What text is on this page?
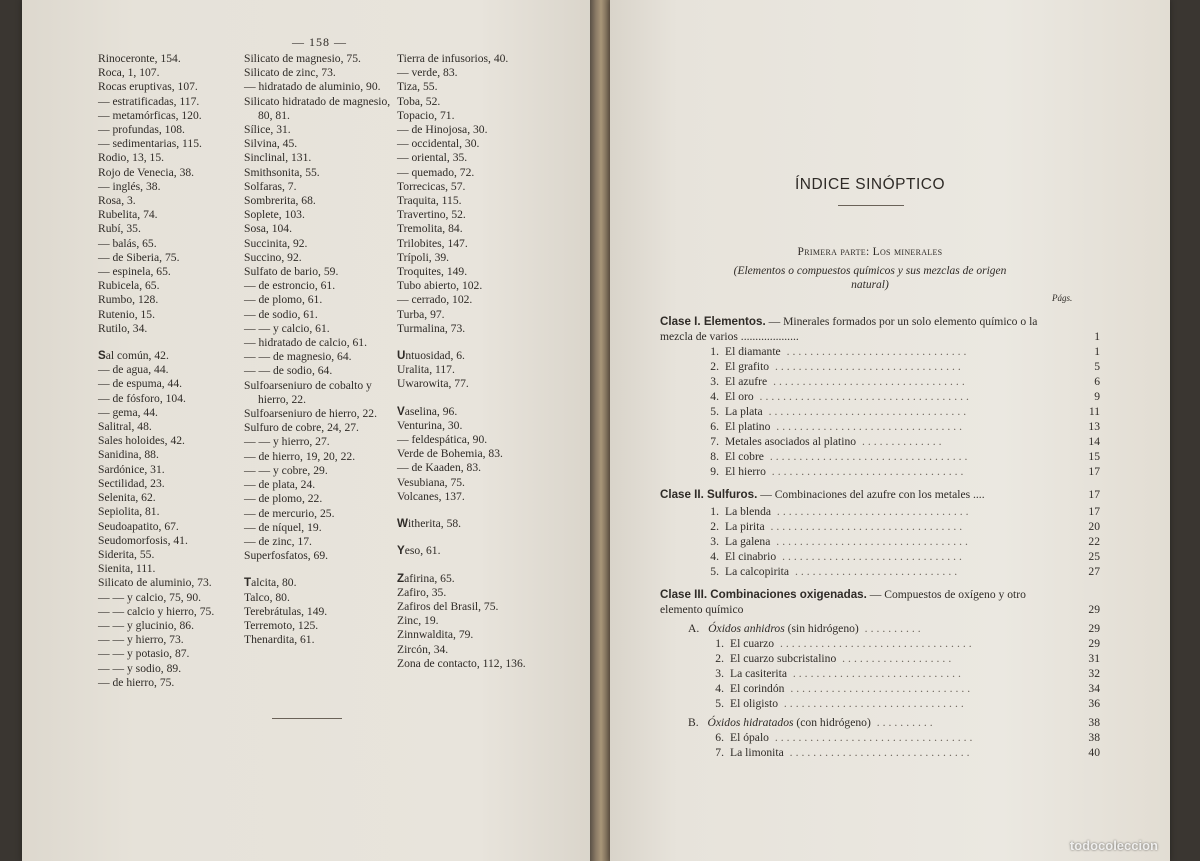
— 158 —
Rinoceronte, 154.
Roca, 1, 107.
Rocas eruptivas, 107.
— estratificadas, 117.
— metamórficas, 120.
— profundas, 108.
— sedimentarias, 115.
Rodio, 13, 15.
Rojo de Venecia, 38.
— inglés, 38.
Rosa, 3.
Rubelita, 74.
Rubí, 35.
— balás, 65.
— de Siberia, 75.
— espinela, 65.
Rubicela, 65.
Rumbo, 128.
Rutenio, 15.
Rutilo, 34.
Sal común, 42.
— de agua, 44.
— de espuma, 44.
— de fósforo, 104.
— gema, 44.
Salitral, 48.
Sales holoides, 42.
Sanidina, 88.
Sardónice, 31.
Sectilidad, 23.
Selenita, 62.
Sepiolita, 81.
Seudoapatito, 67.
Seudomorfosis, 41.
Siderita, 55.
Sienita, 111.
Silicato de aluminio, 73.
— — y calcio, 75, 90.
— — calcio y hierro, 75.
— — y glucinio, 86.
— — y hierro, 73.
— — y potasio, 87.
— — y sodio, 89.
— de hierro, 75.
Silicato de magnesio, 75.
Silicato de zinc, 73.
— hidratado de aluminio, 90.
Silicato hidratado de magnesio, 80, 81.
Sílice, 31.
Silvina, 45.
Sinclinal, 131.
Smithsonita, 55.
Solfaras, 7.
Sombrerita, 68.
Soplete, 103.
Sosa, 104.
Succinita, 92.
Succino, 92.
Sulfato de bario, 59.
— de estroncio, 61.
— de plomo, 61.
— de sodio, 61.
— — y calcio, 61.
— hidratado de calcio, 61.
— — de magnesio, 64.
— — de sodio, 64.
Sulfoarseniuro de cobalto y hierro, 22.
Sulfoarseniuro de hierro, 22.
Sulfuro de cobre, 24, 27.
— — y hierro, 27.
— de hierro, 19, 20, 22.
— — y cobre, 29.
— de plata, 24.
— de plomo, 22.
— de mercurio, 25.
— de níquel, 19.
— de zinc, 17.
Superfosfatos, 69.
Talcita, 80.
Talco, 80.
Terebrátulas, 149.
Terremoto, 125.
Thenardita, 61.
Tierra de infusorios, 40.
— verde, 83.
Tiza, 55.
Toba, 52.
Topacio, 71.
— de Hinojosa, 30.
— occidental, 30.
— oriental, 35.
— quemado, 72.
Torrecicas, 57.
Traquita, 115.
Travertino, 52.
Tremolita, 84.
Trilobites, 147.
Trípoli, 39.
Troquites, 149.
Tubo abierto, 102.
— cerrado, 102.
Turba, 97.
Turmalina, 73.
Untuosidad, 6.
Uralita, 117.
Uwarowita, 77.
Vaselina, 96.
Venturina, 30.
— feldespática, 90.
Verde de Bohemia, 83.
— de Kaaden, 83.
Vesubiana, 75.
Volcanes, 137.
Witherita, 58.
Yeso, 61.
Zafirina, 65.
Zafiro, 35.
Zafiros del Brasil, 75.
Zinc, 19.
Zinnwaldita, 79.
Zircón, 34.
Zona de contacto, 112, 136.
ÍNDICE SINÓPTICO
Primera parte: Los minerales
(Elementos o compuestos químicos y sus mezclas de origen natural)
Págs.
Clase I. Elementos. — Minerales formados por un solo elemento químico o la mezcla de varios ....................	1
1.El diamante ...............................	1
2.El grafito ................................	5
3.El azufre .................................	6
4.El oro ....................................	9
5.La plata ..................................	11
6.El platino ................................	13
7.Metales asociados al platino ..............	14
8.El cobre ..................................	15
9.El hierro .................................	17
Clase II. Sulfuros. — Combinaciones del azufre con los metales ....	17
1.La blenda .................................	17
2.La pirita .................................	20
3.La galena .................................	22
4.El cinabrio ...............................	25
5.La calcopirita ............................	27
Clase III. Combinaciones oxigenadas. — Compuestos de oxígeno y otro elemento químico	29
A. Óxidos anhidros (sin hidrógeno) ..........	29
1.El cuarzo .................................	29
2.El cuarzo subcristalino ...................	31
3.La casiterita .............................	32
4.El corindón ...............................	34
5.El oligisto ...............................	36
B. Óxidos hidratados (con hidrógeno) ..........	38
6.El ópalo ..................................	38
7.La limonita ...............................	40
todocoleccion
